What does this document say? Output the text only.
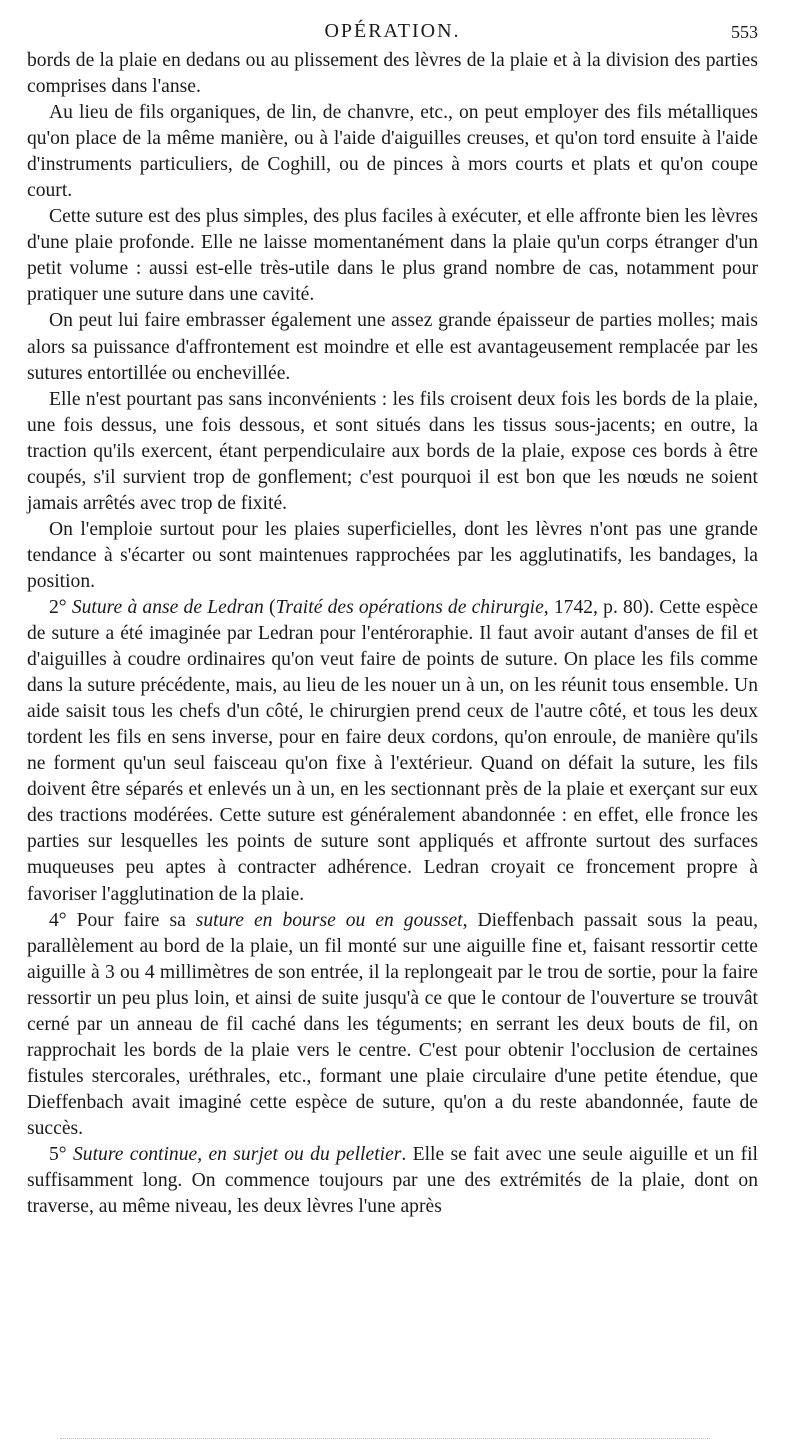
OPÉRATION.	553

bords de la plaie en dedans ou au plissement des lèvres de la plaie et à la division des parties comprises dans l'anse.

Au lieu de fils organiques, de lin, de chanvre, etc., on peut employer des fils métalliques qu'on place de la même manière, ou à l'aide d'aiguilles creuses, et qu'on tord ensuite à l'aide d'instruments particuliers, de Coghill, ou de pinces à mors courts et plats et qu'on coupe court.

Cette suture est des plus simples, des plus faciles à exécuter, et elle affronte bien les lèvres d'une plaie profonde. Elle ne laisse momentanément dans la plaie qu'un corps étranger d'un petit volume : aussi est-elle très-utile dans le plus grand nombre de cas, notamment pour pratiquer une suture dans une cavité.

On peut lui faire embrasser également une assez grande épaisseur de parties molles; mais alors sa puissance d'affrontement est moindre et elle est avantageusement remplacée par les sutures entortillée ou enchevillée.

Elle n'est pourtant pas sans inconvénients : les fils croisent deux fois les bords de la plaie, une fois dessus, une fois dessous, et sont situés dans les tissus sous-jacents; en outre, la traction qu'ils exercent, étant perpendiculaire aux bords de la plaie, expose ces bords à être coupés, s'il survient trop de gonflement; c'est pourquoi il est bon que les nœuds ne soient jamais arrêtés avec trop de fixité.

On l'emploie surtout pour les plaies superficielles, dont les lèvres n'ont pas une grande tendance à s'écarter ou sont maintenues rapprochées par les agglutinatifs, les bandages, la position.

2° Suture à anse de Ledran (Traité des opérations de chirurgie, 1742, p. 80). Cette espèce de suture a été imaginée par Ledran pour l'entéroraphie. Il faut avoir autant d'anses de fil et d'aiguilles à coudre ordinaires qu'on veut faire de points de suture. On place les fils comme dans la suture précédente, mais, au lieu de les nouer un à un, on les réunit tous ensemble. Un aide saisit tous les chefs d'un côté, le chirurgien prend ceux de l'autre côté, et tous les deux tordent les fils en sens inverse, pour en faire deux cordons, qu'on enroule, de manière qu'ils ne forment qu'un seul faisceau qu'on fixe à l'extérieur. Quand on défait la suture, les fils doivent être séparés et enlevés un à un, en les sectionnant près de la plaie et exerçant sur eux des tractions modérées. Cette suture est généralement abandonnée : en effet, elle fronce les parties sur lesquelles les points de suture sont appliqués et affronte surtout des surfaces muqueuses peu aptes à contracter adhérence. Ledran croyait ce froncement propre à favoriser l'agglutination de la plaie.

4° Pour faire sa suture en bourse ou en gousset, Dieffenbach passait sous la peau, parallèlement au bord de la plaie, un fil monté sur une aiguille fine et, faisant ressortir cette aiguille à 3 ou 4 millimètres de son entrée, il la replongeait par le trou de sortie, pour la faire ressortir un peu plus loin, et ainsi de suite jusqu'à ce que le contour de l'ouverture se trouvât cerné par un anneau de fil caché dans les téguments; en serrant les deux bouts de fil, on rapprochait les bords de la plaie vers le centre. C'est pour obtenir l'occlusion de certaines fistules stercorales, uréthrales, etc., formant une plaie circulaire d'une petite étendue, que Dieffenbach avait imaginé cette espèce de suture, qu'on a du reste abandonnée, faute de succès.

5° Suture continue, en surjet ou du pelletier. Elle se fait avec une seule aiguille et un fil suffisamment long. On commence toujours par une des extrémités de la plaie, dont on traverse, au même niveau, les deux lèvres l'une après
